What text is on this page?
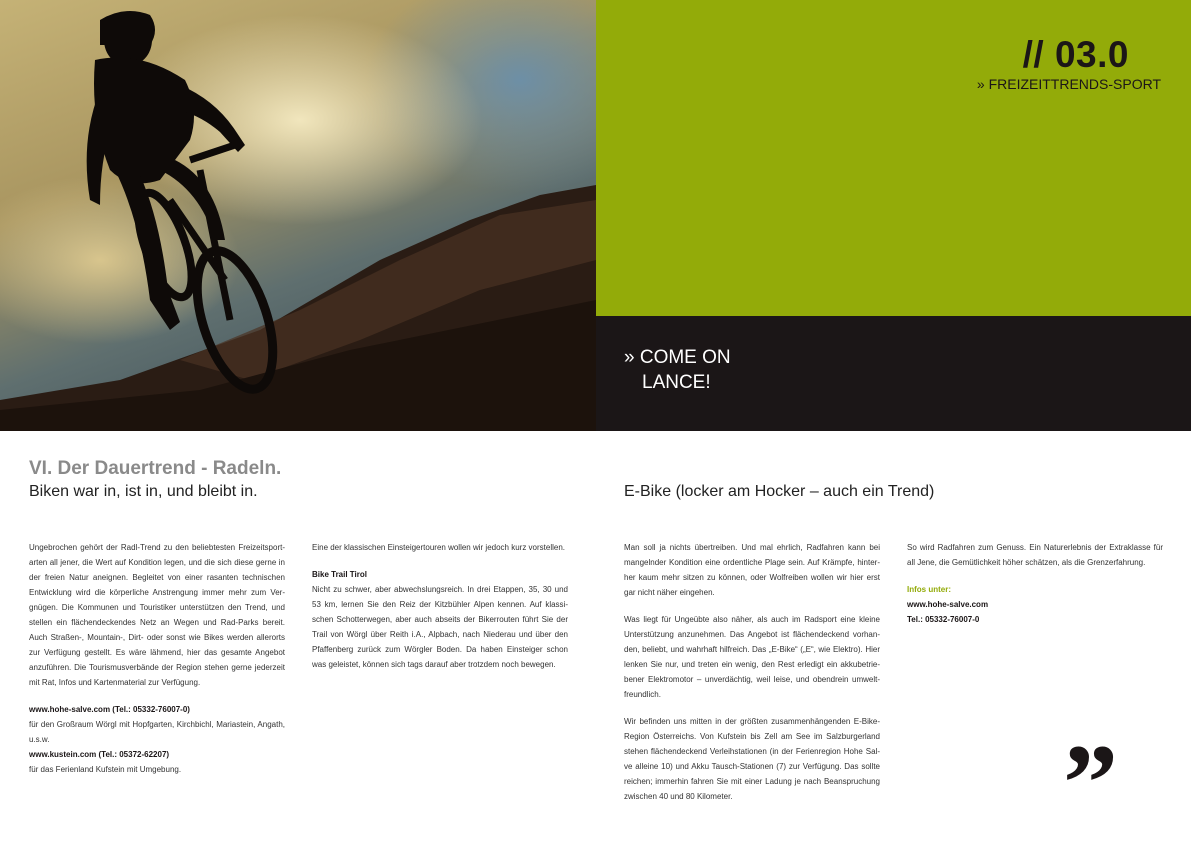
// 03.0
» FREIZEITTRENDS-SPORT
» COME ON
LANCE!
VI. Der Dauertrend - Radeln.
Biken war in, ist in, und bleibt in.	E-Bike (locker am Hocker – auch ein Trend)

Ungebrochen gehört der Radl-Trend zu den beliebtesten Freizeitsport-arten all jener, die Wert auf Kondition legen, und die sich diese gerne in der freien Natur aneignen. Begleitet von einer rasanten technischen Entwicklung wird die körperliche Anstrengung immer mehr zum Ver-gnügen. Die Kommunen und Touristiker unterstützen den Trend, und stellen ein flächendeckendes Netz an Wegen und Rad-Parks bereit. Auch Straßen-, Mountain-, Dirt- oder sonst wie Bikes werden allerorts zur Verfügung gestellt. Es wäre lähmend, hier das gesamte Angebot anzuführen. Die Tourismusverbände der Region stehen gerne jederzeit mit Rat, Infos und Kartenmaterial zur Verfügung.

www.hohe-salve.com (Tel.: 05332-76007-0)

für den Großraum Wörgl mit Hopfgarten, Kirchbichl, Mariastein, Angath, u.s.w.

www.kustein.com (Tel.: 05372-62207)

für das Ferienland Kufstein mit Umgebung.

Eine der klassischen Einsteigertouren wollen wir jedoch kurz vorstellen.

Bike Trail Tirol

Nicht zu schwer, aber abwechslungsreich. In drei Etappen, 35, 30 und 53 km, lernen Sie den Reiz der Kitzbühler Alpen kennen. Auf klassi-schen Schotterwegen, aber auch abseits der Bikerrouten führt Sie der Trail von Wörgl über Reith i.A., Alpbach, nach Niederau und über den Pfaffenberg zurück zum Wörgler Boden. Da haben Einsteiger schon was geleistet, können sich tags darauf aber trotzdem noch bewegen.

Man soll ja nichts übertreiben. Und mal ehrlich, Radfahren kann bei mangelnder Kondition eine ordentliche Plage sein. Auf Krämpfe, hinter-her kaum mehr sitzen zu können, oder Wolfreiben wollen wir hier erst gar nicht näher eingehen.

Was liegt für Ungeübte also näher, als auch im Radsport eine kleine Unterstützung anzunehmen. Das Angebot ist flächendeckend vorhan-den, beliebt, und wahrhaft hilfreich. Das „E-Bike“ („E“, wie Elektro). Hier lenken Sie nur, und treten ein wenig, den Rest erledigt ein akkubetrie-bener Elektromotor – unverdächtig, weil leise, und obendrein umwelt-freundlich.

Wir befinden uns mitten in der größten zusammenhängenden E-Bike-Region Österreichs. Von Kufstein bis Zell am See im Salzburgerland stehen flächendeckend Verleihstationen (in der Ferienregion Hohe Sal-ve alleine 10) und Akku Tausch-Stationen (7) zur Verfügung. Das sollte reichen; immerhin fahren Sie mit einer Ladung je nach Beanspruchung zwischen 40 und 80 Kilometer.

So wird Radfahren zum Genuss. Ein Naturerlebnis der Extraklasse für all Jene, die Gemütlichkeit höher schätzen, als die Grenzerfahrung.

Infos unter:

www.hohe-salve.com

Tel.: 05332-76007-0

”
